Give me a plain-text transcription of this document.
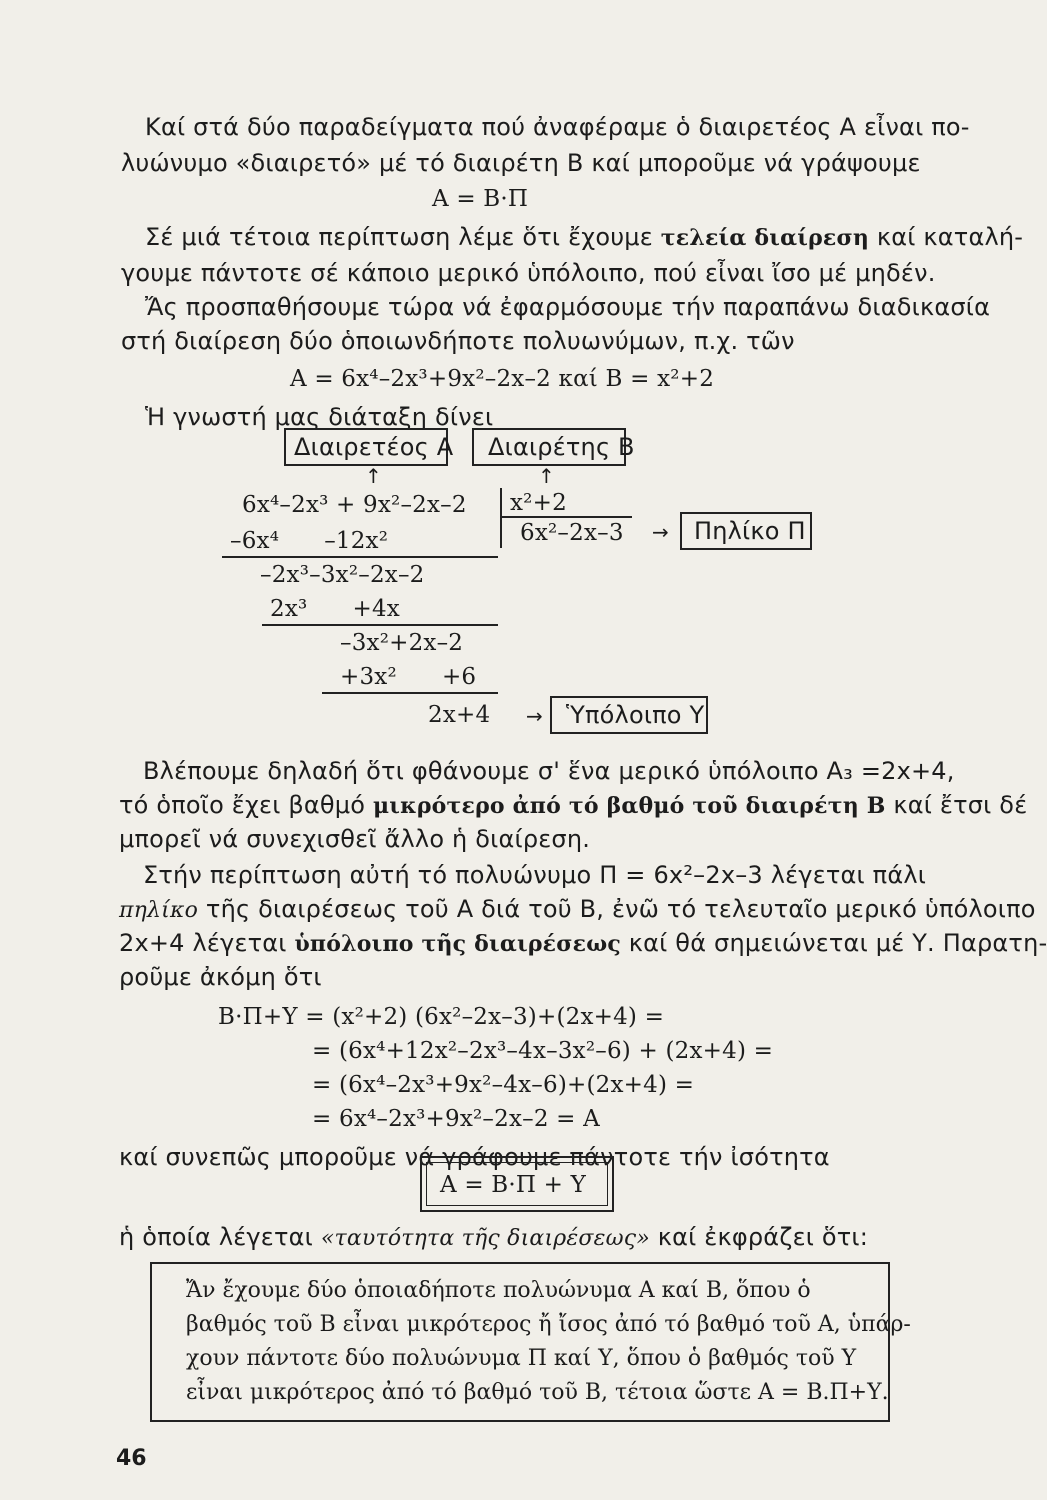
Καί στά δύο παραδείγματα πού ἀναφέραμε ὁ διαιρετέος Α εἶναι πο-
λυώνυμο «διαιρετό» μέ τό διαιρέτη Β καί μποροῦμε νά γράψουμε
Α = Β·Π
Σέ μιά τέτοια περίπτωση λέμε ὅτι ἔχουμε τελεία διαίρεση καί καταλή-
γουμε πάντοτε σέ κάποιο μερικό ὑπόλοιπο, πού εἶναι ἴσο μέ μηδέν.
Ἄς προσπαθήσουμε τώρα νά ἐφαρμόσουμε τήν παραπάνω διαδικασία
στή διαίρεση δύο ὁποιωνδήποτε πολυωνύμων, π.χ. τῶν
Α = 6x⁴–2x³+9x²–2x–2 καί Β = x²+2
Ἡ γνωστή μας διάταξη δίνει
Διαιρετέος Α Διαιρέτης Β
↑	↑
6x⁴–2x³ + 9x²–2x–2 x²+2
6x²–2x–3 → Πηλίκο Π
–6x⁴      –12x²
–2x³–3x²–2x–2
2x³      +4x
–3x²+2x–2
+3x²      +6
2x+4 → Ὑπόλοιπο Υ
Βλέπουμε δηλαδή ὅτι φθάνουμε σ' ἕνα μερικό ὑπόλοιπο Α₃ =2x+4,
τό ὁποῖο ἔχει βαθμό μικρότερο ἀπό τό βαθμό τοῦ διαιρέτη Β καί ἔτσι δέ
μπορεῖ νά συνεχισθεῖ ἄλλο ἡ διαίρεση.
Στήν περίπτωση αὐτή τό πολυώνυμο Π = 6x²–2x–3 λέγεται πάλι
πηλίκο τῆς διαιρέσεως τοῦ Α διά τοῦ Β, ἐνῶ τό τελευταῖο μερικό ὑπόλοιπο
2x+4 λέγεται ὑπόλοιπο τῆς διαιρέσεως καί θά σημειώνεται μέ Υ. Παρατη-
ροῦμε ἀκόμη ὅτι
Β·Π+Υ = (x²+2) (6x²–2x–3)+(2x+4) =
= (6x⁴+12x²–2x³–4x–3x²–6) + (2x+4) =
= (6x⁴–2x³+9x²–4x–6)+(2x+4) =
= 6x⁴–2x³+9x²–2x–2 = Α
καί συνεπῶς μποροῦμε νά γράφουμε πάντοτε τήν ἰσότητα
Α = Β·Π + Υ
ἡ ὁποία λέγεται «ταυτότητα τῆς διαιρέσεως» καί ἐκφράζει ὅτι:
Ἄν ἔχουμε δύο ὁποιαδήποτε πολυώνυμα Α καί Β, ὅπου ὁ
βαθμός τοῦ Β εἶναι μικρότερος ἤ ἴσος ἀπό τό βαθμό τοῦ Α, ὑπάρ-
χουν πάντοτε δύο πολυώνυμα Π καί Υ, ὅπου ὁ βαθμός τοῦ Υ
εἶναι μικρότερος ἀπό τό βαθμό τοῦ Β, τέτοια ὥστε Α = Β.Π+Υ.
46
